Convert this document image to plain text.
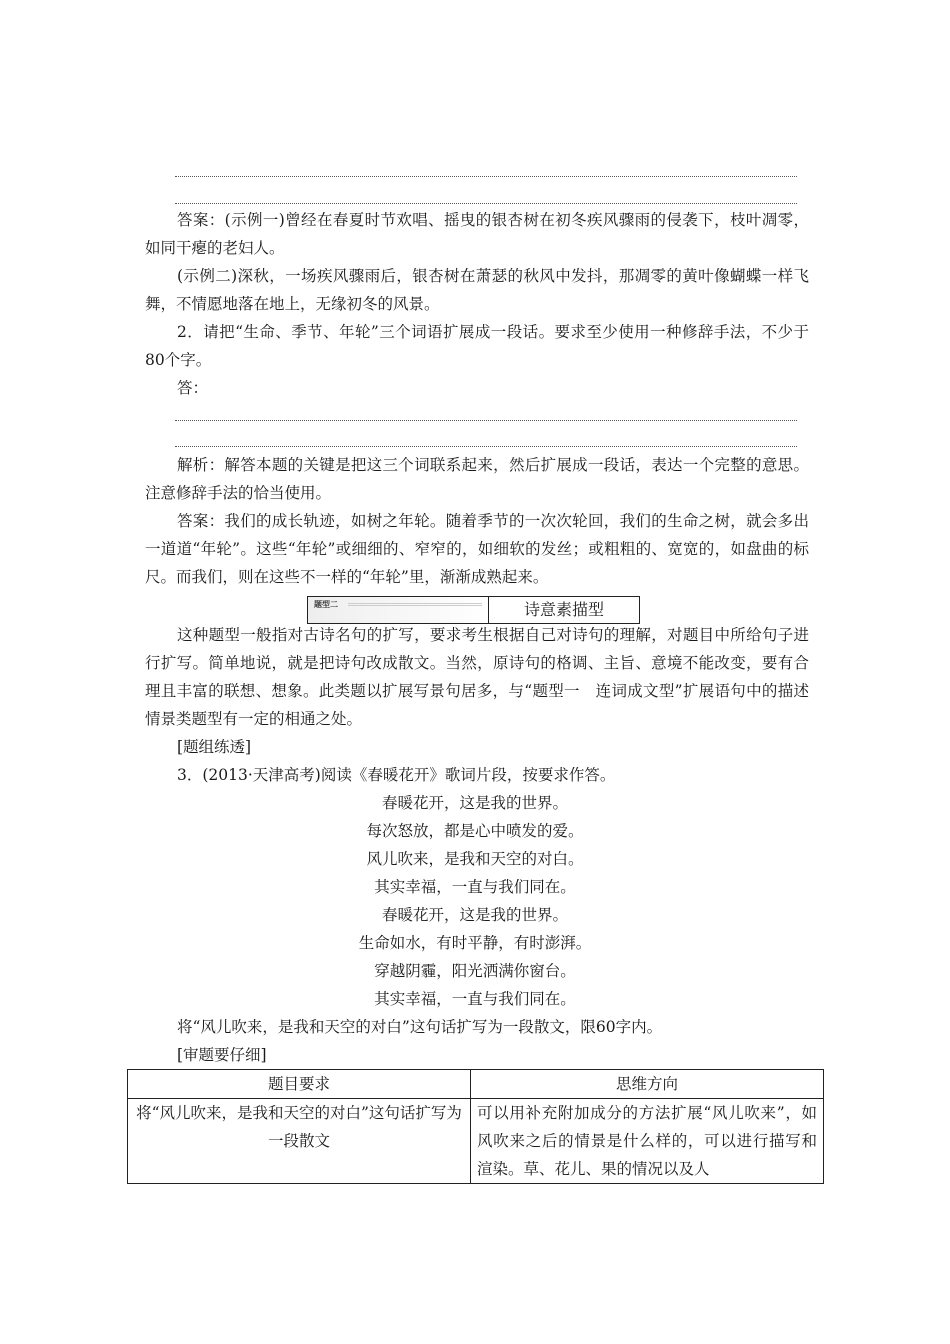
答案：(示例一)曾经在春夏时节欢唱、摇曳的银杏树在初冬疾风骤雨的侵袭下，枝叶凋零，如同干瘪的老妇人。

(示例二)深秋，一场疾风骤雨后，银杏树在萧瑟的秋风中发抖，那凋零的黄叶像蝴蝶一样飞舞，不情愿地落在地上，无缘初冬的风景。

2．请把“生命、季节、年轮”三个词语扩展成一段话。要求至少使用一种修辞手法，不少于80个字。

答：

解析：解答本题的关键是把这三个词联系起来，然后扩展成一段话，表达一个完整的意思。注意修辞手法的恰当使用。

答案：我们的成长轨迹，如树之年轮。随着季节的一次次轮回，我们的生命之树，就会多出一道道“年轮”。这些“年轮”或细细的、窄窄的，如细软的发丝；或粗粗的、宽宽的，如盘曲的标尺。而我们，则在这些不一样的“年轮”里，渐渐成熟起来。

题型二	诗意素描型

这种题型一般指对古诗名句的扩写，要求考生根据自己对诗句的理解，对题目中所给句子进行扩写。简单地说，就是把诗句改成散文。当然，原诗句的格调、主旨、意境不能改变，要有合理且丰富的联想、想象。此类题以扩展写景句居多，与“题型一　连词成文型”扩展语句中的描述情景类题型有一定的相通之处。

[题组练透]

3．(2013·天津高考)阅读《春暖花开》歌词片段，按要求作答。

春暖花开，这是我的世界。

每次怒放，都是心中喷发的爱。

风儿吹来，是我和天空的对白。

其实幸福，一直与我们同在。

春暖花开，这是我的世界。

生命如水，有时平静，有时澎湃。

穿越阴霾，阳光洒满你窗台。

其实幸福，一直与我们同在。

将“风儿吹来，是我和天空的对白”这句话扩写为一段散文，限60字内。

[审题要仔细]

题目要求	思维方向
将“风儿吹来，是我和天空的对白”这句话扩写为一段散文	可以用补充附加成分的方法扩展“风儿吹来”，如风吹来之后的情景是什么样的，可以进行描写和渲染。草、花儿、果的情况以及人
